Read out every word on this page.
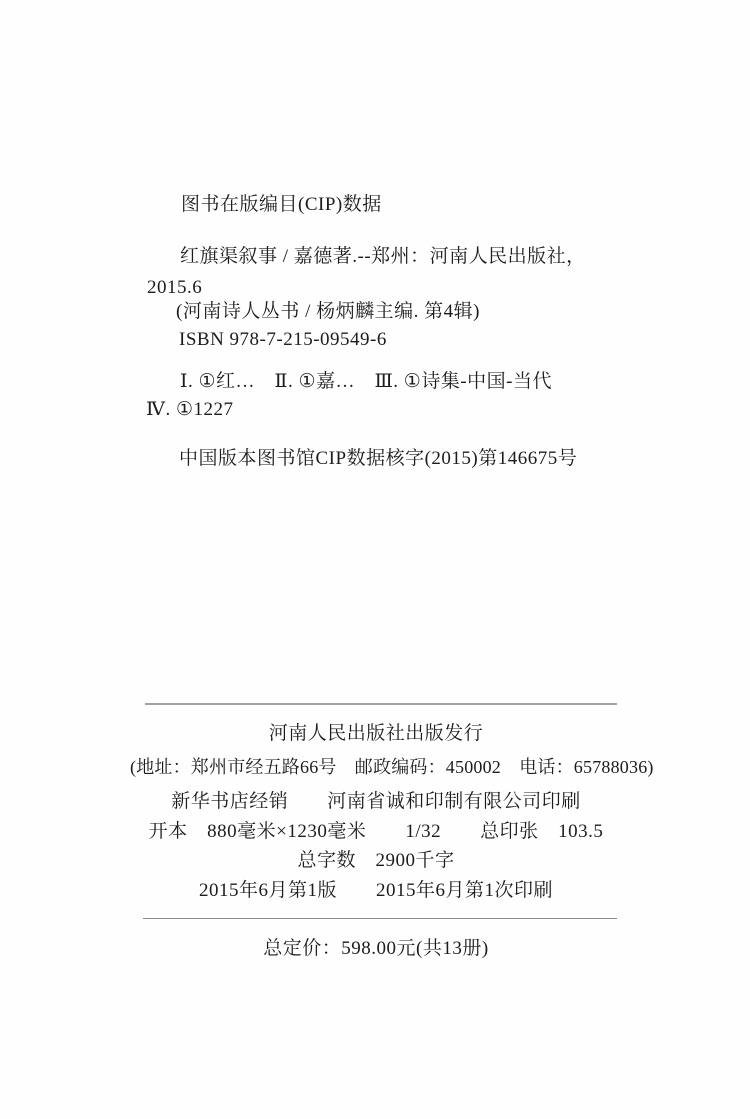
图书在版编目(CIP)数据
红旗渠叙事 / 嘉德著.--郑州：河南人民出版社，
2015.6
(河南诗人丛书 / 杨炳麟主编. 第4辑)
ISBN 978-7-215-09549-6
Ⅰ. ①红…　Ⅱ. ①嘉…　Ⅲ. ①诗集-中国-当代
Ⅳ. ①1227
中国版本图书馆CIP数据核字(2015)第146675号
河南人民出版社出版发行
(地址：郑州市经五路66号　邮政编码：450002　电话：65788036)
新华书店经销　　河南省诚和印制有限公司印刷
开本　880毫米×1230毫米　　1/32　　总印张　103.5
总字数　2900千字
2015年6月第1版　　2015年6月第1次印刷
总定价：598.00元(共13册)
